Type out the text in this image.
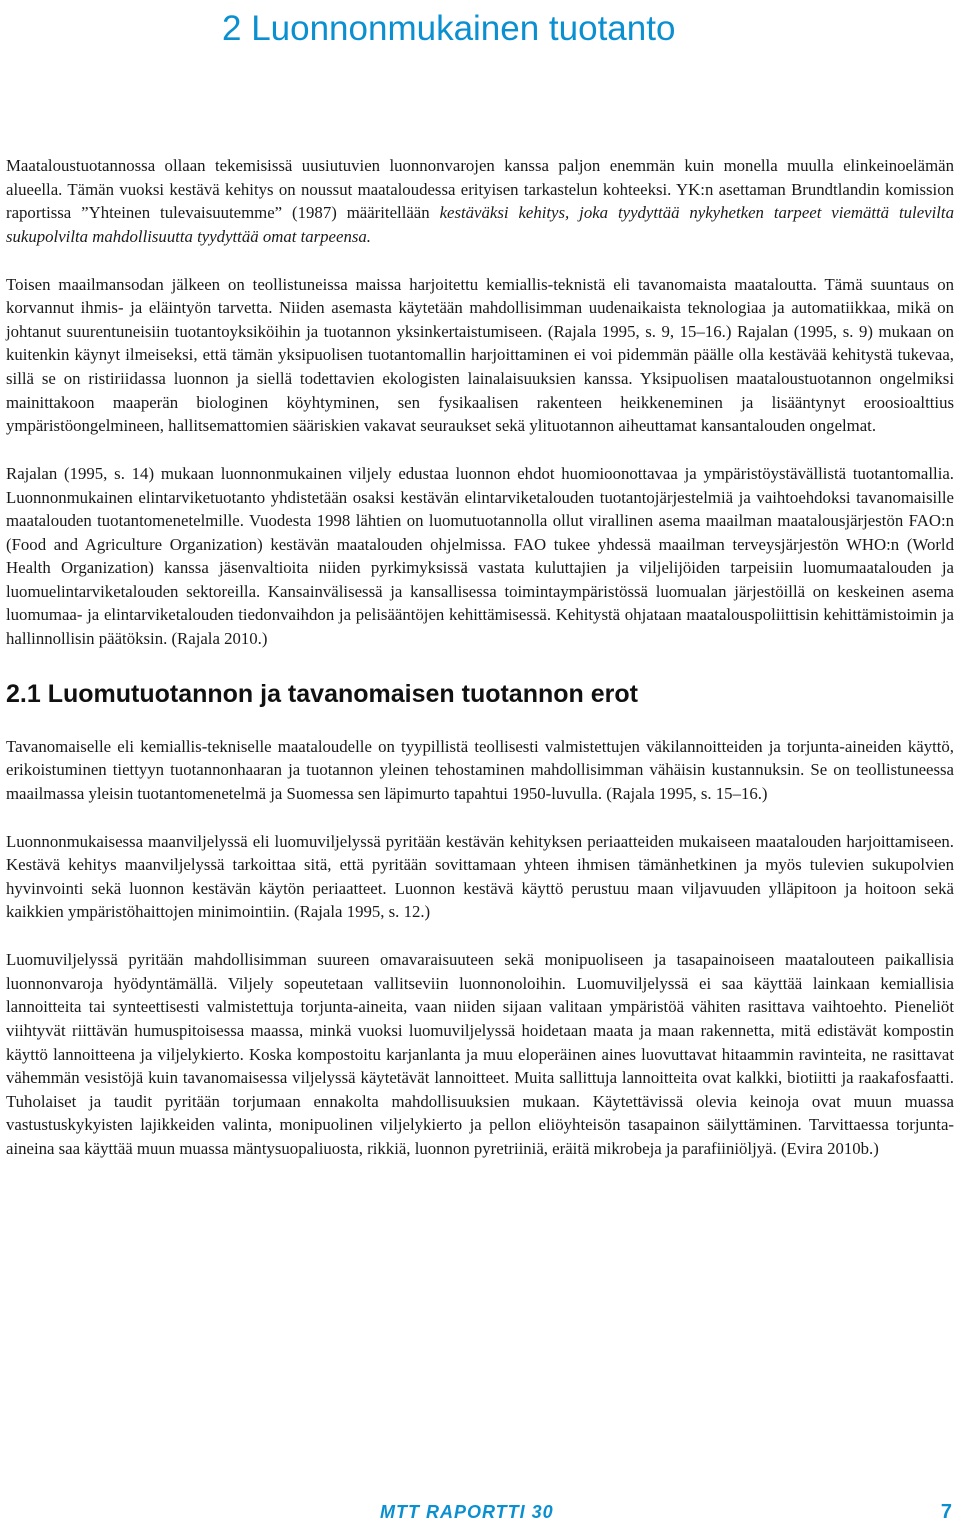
2 Luonnonmukainen tuotanto

Maataloustuotannossa ollaan tekemisissä uusiutuvien luonnonvarojen kanssa paljon enemmän kuin monella muulla elinkeinoelämän alueella. Tämän vuoksi kestävä kehitys on noussut maataloudessa erityisen tarkastelun kohteeksi. YK:n asettaman Brundtlandin komission raportissa ”Yhteinen tulevaisuutemme” (1987) määritellään kestäväksi kehitys, joka tyydyttää nykyhetken tarpeet viemättä tulevilta sukupolvilta mahdollisuutta tyydyttää omat tarpeensa.

Toisen maailmansodan jälkeen on teollistuneissa maissa harjoitettu kemiallis-teknistä eli tavanomaista maataloutta. Tämä suuntaus on korvannut ihmis- ja eläintyön tarvetta. Niiden asemasta käytetään mahdollisimman uudenaikaista teknologiaa ja automatiikkaa, mikä on johtanut suurentuneisiin tuotantoyksiköihin ja tuotannon yksinkertaistumiseen. (Rajala 1995, s. 9, 15–16.) Rajalan (1995, s. 9) mukaan on kuitenkin käynyt ilmeiseksi, että tämän yksipuolisen tuotantomallin harjoittaminen ei voi pidemmän päälle olla kestävää kehitystä tukevaa, sillä se on ristiriidassa luonnon ja siellä todettavien ekologisten lainalaisuuksien kanssa. Yksipuolisen maataloustuotannon ongelmiksi mainittakoon maaperän biologinen köyhtyminen, sen fysikaalisen rakenteen heikkeneminen ja lisääntynyt eroosioalttius ympäristöongelmineen, hallitsemattomien sääriskien vakavat seuraukset sekä ylituotannon aiheuttamat kansantalouden ongelmat.

Rajalan (1995, s. 14) mukaan luonnonmukainen viljely edustaa luonnon ehdot huomioonottavaa ja ympäristöystävällistä tuotantomallia. Luonnonmukainen elintarviketuotanto yhdistetään osaksi kestävän elintarviketalouden tuotantojärjestelmiä ja vaihtoehdoksi tavanomaisille maatalouden tuotantomenetelmille. Vuodesta 1998 lähtien on luomutuotannolla ollut virallinen asema maailman maatalousjärjestön FAO:n (Food and Agriculture Organization) kestävän maatalouden ohjelmissa. FAO tukee yhdessä maailman terveysjärjestön WHO:n (World Health Organization) kanssa jäsenvaltioita niiden pyrkimyksissä vastata kuluttajien ja viljelijöiden tarpeisiin luomumaatalouden ja luomuelintarviketalouden sektoreilla. Kansainvälisessä ja kansallisessa toimintaympäristössä luomualan järjestöillä on keskeinen asema luomumaa- ja elintarviketalouden tiedonvaihdon ja pelisääntöjen kehittämisessä. Kehitystä ohjataan maatalouspoliittisin kehittämistoimin ja hallinnollisin päätöksin. (Rajala 2010.)

2.1 Luomutuotannon ja tavanomaisen tuotannon erot

Tavanomaiselle eli kemiallis-tekniselle maataloudelle on tyypillistä teollisesti valmistettujen väkilannoitteiden ja torjunta-aineiden käyttö, erikoistuminen tiettyyn tuotannonhaaran ja tuotannon yleinen tehostaminen mahdollisimman vähäisin kustannuksin. Se on teollistuneessa maailmassa yleisin tuotantomenetelmä ja Suomessa sen läpimurto tapahtui 1950-luvulla. (Rajala 1995, s. 15–16.)

Luonnonmukaisessa maanviljelyssä eli luomuviljelyssä pyritään kestävän kehityksen periaatteiden mukaiseen maatalouden harjoittamiseen. Kestävä kehitys maanviljelyssä tarkoittaa sitä, että pyritään sovittamaan yhteen ihmisen tämänhetkinen ja myös tulevien sukupolvien hyvinvointi sekä luonnon kestävän käytön periaatteet. Luonnon kestävä käyttö perustuu maan viljavuuden ylläpitoon ja hoitoon sekä kaikkien ympäristöhaittojen minimointiin. (Rajala 1995, s. 12.)

Luomuviljelyssä pyritään mahdollisimman suureen omavaraisuuteen sekä monipuoliseen ja tasapainoiseen maatalouteen paikallisia luonnonvaroja hyödyntämällä. Viljely sopeutetaan vallitseviin luonnonoloihin. Luomuviljelyssä ei saa käyttää lainkaan kemiallisia lannoitteita tai synteettisesti valmistettuja torjunta-aineita, vaan niiden sijaan valitaan ympäristöä vähiten rasittava vaihtoehto. Pieneliöt viihtyvät riittävän humuspitoisessa maassa, minkä vuoksi luomuviljelyssä hoidetaan maata ja maan rakennetta, mitä edistävät kompostin käyttö lannoitteena ja viljelykierto. Koska kompostoitu karjanlanta ja muu eloperäinen aines luovuttavat hitaammin ravinteita, ne rasittavat vähemmän vesistöjä kuin tavanomaisessa viljelyssä käytetävät lannoitteet. Muita sallittuja lannoitteita ovat kalkki, biotiitti ja raakafosfaatti. Tuholaiset ja taudit pyritään torjumaan ennakolta mahdollisuuksien mukaan. Käytettävissä olevia keinoja ovat muun muassa vastustuskykyisten lajikkeiden valinta, monipuolinen viljelykierto ja pellon eliöyhteisön tasapainon säilyttäminen. Tarvittaessa torjunta-aineina saa käyttää muun muassa mäntysuopaliuosta, rikkiä, luonnon pyretriiniä, eräitä mikrobeja ja parafiiniöljyä. (Evira 2010b.)

MTT RAPORTTI 30	7
